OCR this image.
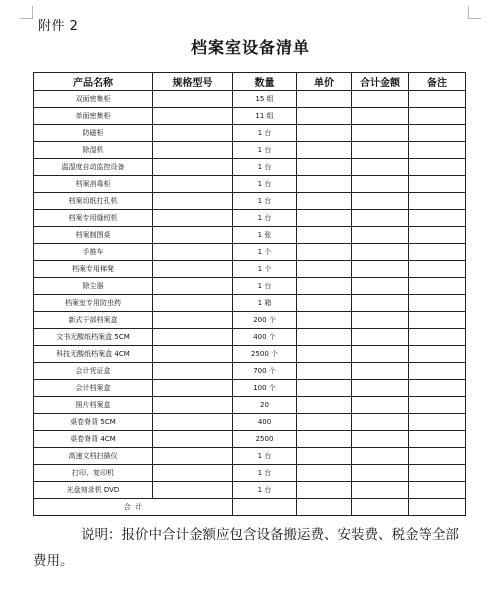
附件 2
档案室设备清单
产品名称	规格型号	数量	单价	合计金额	备注
双面密集柜		15 组			
单面密集柜		11 组			
防磁柜		1 台			
除湿机		1 台			
温湿度自动监控设备		1 台			
档案消毒柜		1 台			
档案切纸打孔机		1 台			
档案专用缝纫机		1 台			
档案制图桌		1 张			
手推车		1 个			
档案专用梯凳		1 个			
除尘器		1 台			
档案室专用防虫药		1 箱			
新式干部档案盒		200 个			
文书无酸纸档案盒 5CM		400 个			
科技无酸纸档案盒 4CM		2500 个			
会计凭证盒		700 个			
会计档案盒		100 个			
照片档案盒		20			
桌卷脊背 5CM		400			
桌卷脊背 4CM		2500			
高速文档扫描仪		1 台			
打印、复印机		1 台			
光盘刻录机 DVD		1 台			
合  计					
说明：报价中合计金额应包含设备搬运费、安装费、税金等全部费用。
